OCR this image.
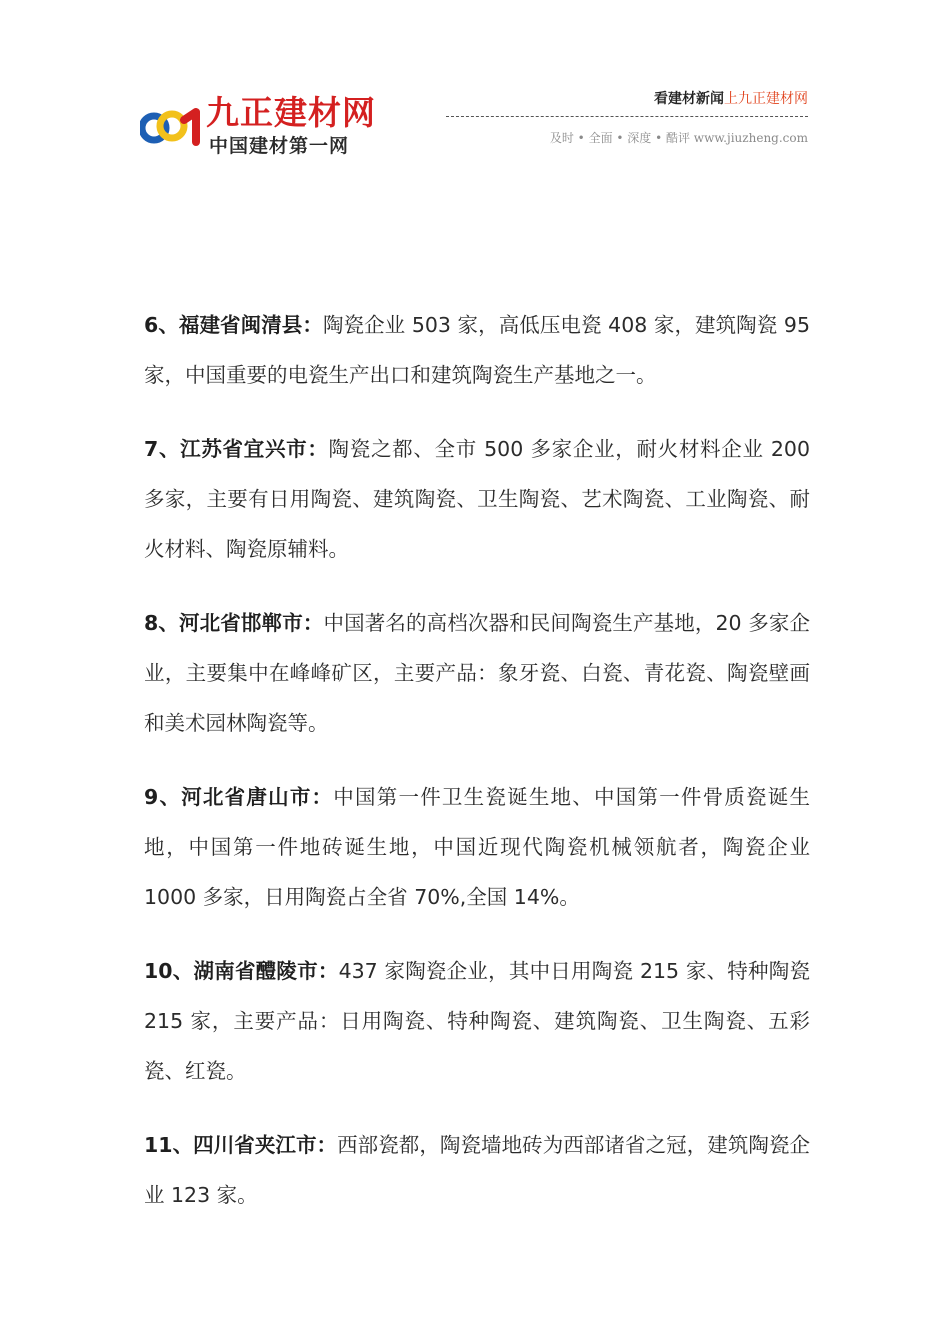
九正建材网
中国建材第一网
看建材新闻上九正建材网
及时 • 全面 • 深度 • 酷评 www.jiuzheng.com

6、福建省闽清县：陶瓷企业 503 家，高低压电瓷 408 家，建筑陶瓷 95 家，中国重要的电瓷生产出口和建筑陶瓷生产基地之一。

7、江苏省宜兴市：陶瓷之都、全市 500 多家企业，耐火材料企业 200 多家，主要有日用陶瓷、建筑陶瓷、卫生陶瓷、艺术陶瓷、工业陶瓷、耐火材料、陶瓷原辅料。

8、河北省邯郸市：中国著名的高档次器和民间陶瓷生产基地，20 多家企业，主要集中在峰峰矿区，主要产品：象牙瓷、白瓷、青花瓷、陶瓷壁画和美术园林陶瓷等。

9、河北省唐山市：中国第一件卫生瓷诞生地、中国第一件骨质瓷诞生地，中国第一件地砖诞生地，中国近现代陶瓷机械领航者，陶瓷企业 1000 多家，日用陶瓷占全省 70%,全国 14%。

10、湖南省醴陵市：437 家陶瓷企业，其中日用陶瓷 215 家、特种陶瓷 215 家，主要产品：日用陶瓷、特种陶瓷、建筑陶瓷、卫生陶瓷、五彩瓷、红瓷。

11、四川省夹江市：西部瓷都，陶瓷墙地砖为西部诸省之冠，建筑陶瓷企业 123 家。
